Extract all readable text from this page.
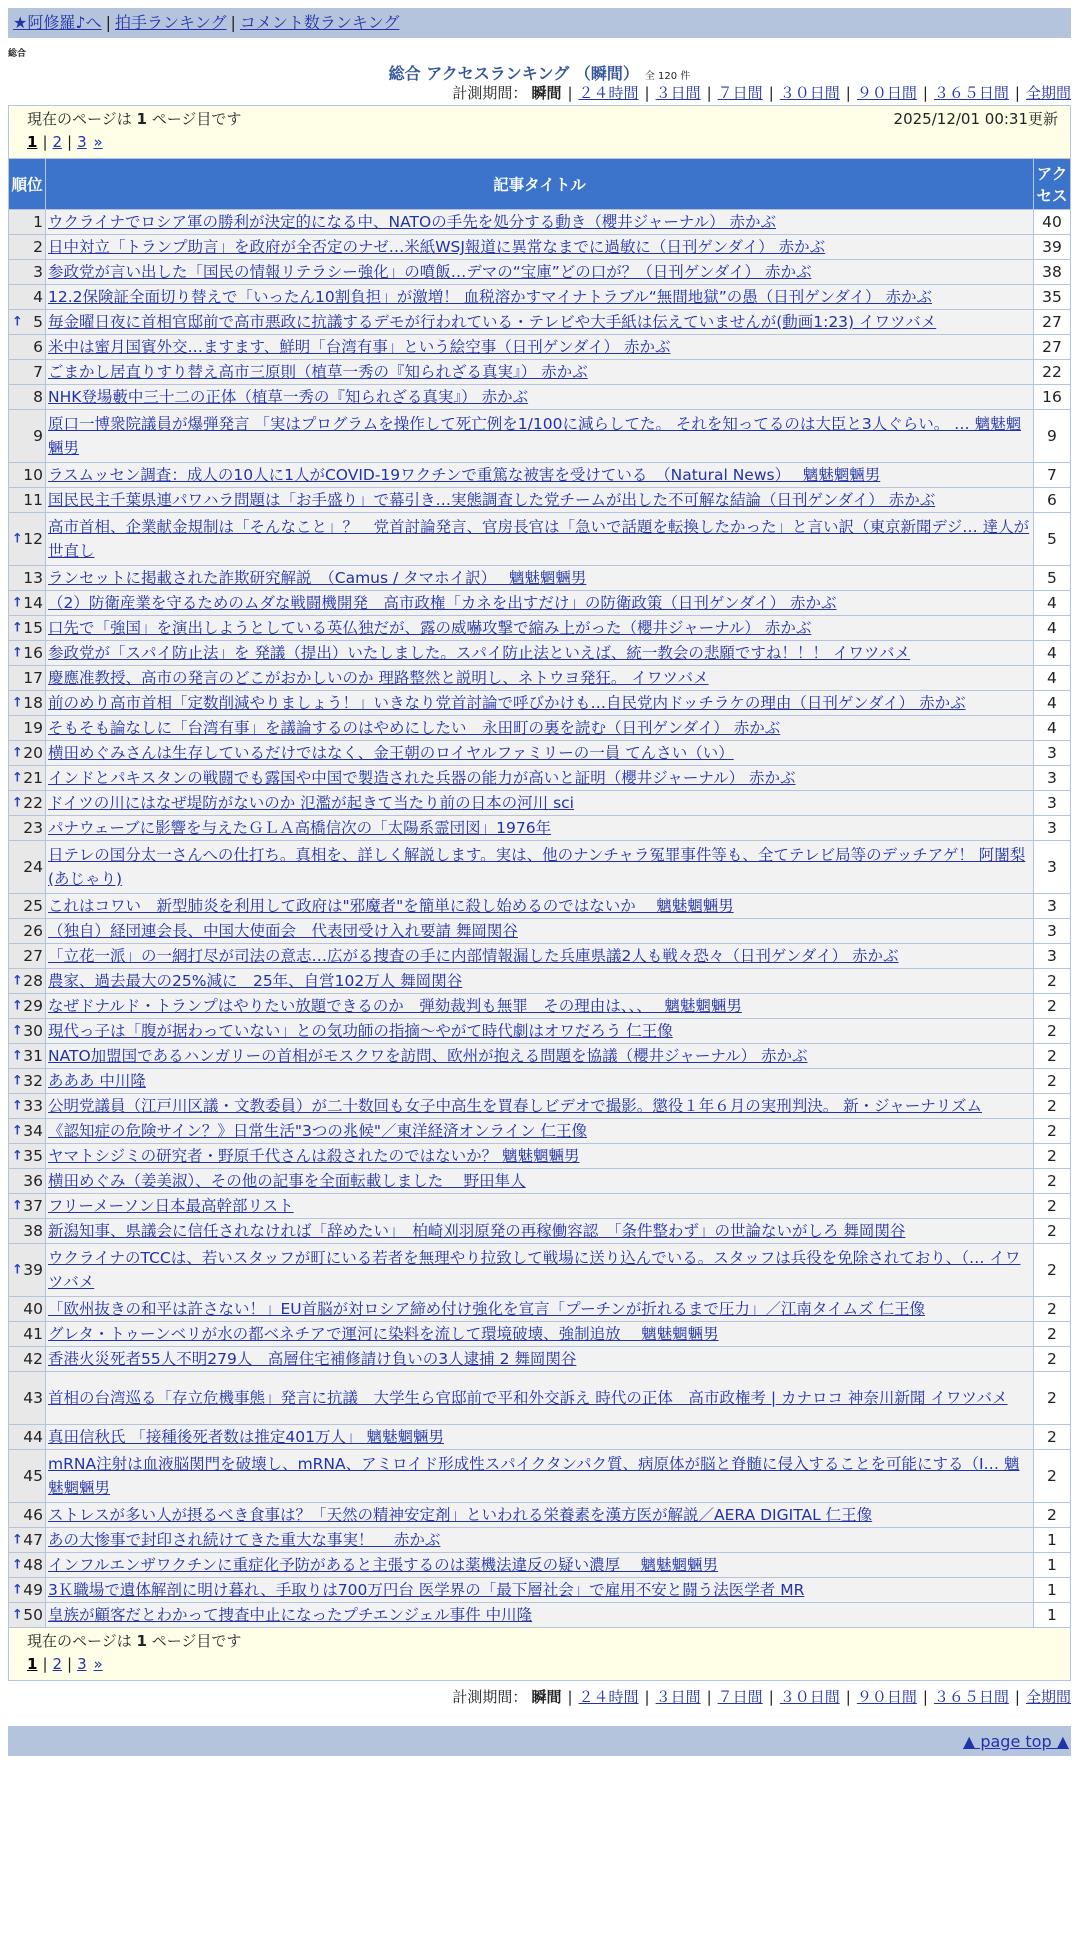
★阿修羅♪へ | 拍手ランキング | コメント数ランキング
総合
総合 アクセスランキング （瞬間） 全 120 件
計測期間： 瞬間 | ２４時間 | ３日間 | ７日間 | ３０日間 | ９０日間 | ３６５日間 | 全期間
現在のページは 1 ページ目です 2025/12/01 00:31更新
1 | 2 | 3 »		

順位	記事タイトル	アクセス
1	ウクライナでロシア軍の勝利が決定的になる中、NATOの手先を処分する動き（櫻井ジャーナル） 赤かぶ	40
2	日中対立「トランプ助言」を政府が全否定のナゼ…米紙WSJ報道に異常なまでに過敏に（日刊ゲンダイ） 赤かぶ	39
3	参政党が言い出した「国民の情報リテラシー強化」の噴飯…デマの“宝庫”どの口が？（日刊ゲンダイ） 赤かぶ	38
4	12.2保険証全面切り替えで「いったん10割負担」が激増！ 血税溶かすマイナトラブル“無間地獄”の愚（日刊ゲンダイ） 赤かぶ	35

↑ 5	毎金曜日夜に首相官邸前で高市悪政に抗議するデモが行われている・テレビや大手紙は伝えていませんが(動画1:23) イワツバメ	27
6	米中は蜜月国賓外交…ますます、鮮明「台湾有事」という絵空事（日刊ゲンダイ） 赤かぶ	27
7	ごまかし居直りすり替え高市三原則（植草一秀の『知られざる真実』） 赤かぶ	22
8	NHK登場藪中三十二の正体（植草一秀の『知られざる真実』） 赤かぶ	16
9	原口一博衆院議員が爆弾発言 「実はプログラムを操作して死亡例を1/100に減らしてた。 それを知ってるのは大臣と3人ぐらい。 … 魑魅魍魎男	9
10	ラスムッセン調査：成人の10人に1人がCOVID-19ワクチンで重篤な被害を受けている　（Natural News）　 魑魅魍魎男	7
11	国民民主千葉県連パワハラ問題は「お手盛り」で幕引き…実態調査した党チームが出した不可解な結論（日刊ゲンダイ） 赤かぶ	6

↑ 12	高市首相、企業献金規制は「そんなこと」？　党首討論発言、官房長官は「急いで話題を転換したかった」と言い訳（東京新聞デジ… 達人が世直し	5
13	ランセットに掲載された詐欺研究解説　（Camus / タマホイ訳）　 魑魅魍魎男	5

↑ 14	（2）防衛産業を守るためのムダな戦闘機開発　高市政権「カネを出すだけ」の防衛政策（日刊ゲンダイ） 赤かぶ	4

↑ 15	口先で「強国」を演出しようとしている英仏独だが、露の威嚇攻撃で縮み上がった（櫻井ジャーナル） 赤かぶ	4

↑ 16	参政党が「スパイ防止法」を 発議（提出）いたしました。スパイ防止法といえば、統一教会の悲願ですね！！！ イワツバメ	4
17	慶應准教授、高市の発言のどこがおかしいのか 理路整然と説明し、ネトウヨ発狂。 イワツバメ	4

↑ 18	前のめり高市首相「定数削減やりましょう！」いきなり党首討論で呼びかけも…自民党内ドッチラケの理由（日刊ゲンダイ） 赤かぶ	4
19	そもそも論なしに「台湾有事」を議論するのはやめにしたい　永田町の裏を読む（日刊ゲンダイ） 赤かぶ	4

↑ 20	横田めぐみさんは生存しているだけではなく、金王朝のロイヤルファミリーの一員 てんさい（い）	3

↑ 21	インドとパキスタンの戦闘でも露国や中国で製造された兵器の能力が高いと証明（櫻井ジャーナル） 赤かぶ	3

↑ 22	ドイツの川にはなぜ堤防がないのか 氾濫が起きて当たり前の日本の河川 sci	3
23	パナウェーブに影響を与えたＧＬＡ高橋信次の「太陽系霊団図」1976年	3
24	日テレの国分太一さんへの仕打ち。真相を、詳しく解説します。実は、他のナンチャラ冤罪事件等も、全てテレビ局等のデッチアゲ！ 阿闍梨(あじゃり)	3
25	これはコワい　新型肺炎を利用して政府は"邪魔者"を簡単に殺し始めるのではないか　 魑魅魍魎男	3
26	（独自）経団連会長、中国大使面会　代表団受け入れ要請 舞岡関谷	3
27	「立花一派」の一網打尽が司法の意志…広がる捜査の手に内部情報漏した兵庫県議2人も戦々恐々（日刊ゲンダイ） 赤かぶ	3

↑ 28	農家、過去最大の25%減に　25年、自営102万人 舞岡関谷	2

↑ 29	なぜドナルド・トランプはやりたい放題できるのか　弾劾裁判も無罪　その理由は、、、　 魑魅魍魎男	2

↑ 30	現代っ子は「腹が据わっていない」との気功師の指摘〜やがて時代劇はオワだろう 仁王像	2

↑ 31	NATO加盟国であるハンガリーの首相がモスクワを訪問、欧州が抱える問題を協議（櫻井ジャーナル） 赤かぶ	2

↑ 32	あああ 中川隆	2

↑ 33	公明党議員（江戸川区議・文教委員）が二十数回も女子中高生を買春しビデオで撮影。懲役１年６月の実刑判決。 新・ジャーナリズム	2

↑ 34	《認知症の危険サイン？》日常生活"3つの兆候"／東洋経済オンライン 仁王像	2

↑ 35	ヤマトシジミの研究者・野原千代さんは殺されたのではないか？ 魑魅魍魎男	2
36	横田めぐみ（姜美淑）、その他の記事を全面転載しました　 野田隼人	2

↑ 37	フリーメーソン日本最高幹部リスト	2
38	新潟知事、県議会に信任されなければ「辞めたい」　柏崎刈羽原発の再稼働容認　「条件整わず」の世論ないがしろ 舞岡関谷	2

↑ 39	ウクライナのTCCは、若いスタッフが町にいる若者を無理やり拉致して戦場に送り込んでいる。スタッフは兵役を免除されており、（… イワツバメ	2
40	「欧州抜きの和平は許さない！」EU首脳が対ロシア締め付け強化を宣言「プーチンが折れるまで圧力」／江南タイムズ 仁王像	2
41	グレタ・トゥーンベリが水の都ベネチアで運河に染料を流して環境破壊、強制追放　 魑魅魍魎男	2
42	香港火災死者55人不明279人　高層住宅補修請け負いの3人逮捕 2 舞岡関谷	2
43	首相の台湾巡る「存立危機事態」発言に抗議　大学生ら官邸前で平和外交訴え 時代の正体　高市政権考 | カナロコ 神奈川新聞 イワツバメ	2
44	真田信秋氏 「接種後死者数は推定401万人」 魑魅魍魎男	2
45	mRNA注射は血液脳関門を破壊し、mRNA、アミロイド形成性スパイクタンパク質、病原体が脳と脊髄に侵入することを可能にする（I… 魑魅魍魎男	2
46	ストレスが多い人が摂るべき食事は？「天然の精神安定剤」といわれる栄養素を漢方医が解説／AERA DIGITAL 仁王像	2

↑ 47	あの大惨事で封印され続けてきた重大な事実！　 赤かぶ	1

↑ 48	インフルエンザワクチンに重症化予防があると主張するのは薬機法違反の疑い濃厚　 魑魅魍魎男	1

↑ 49	3Ｋ職場で遺体解剖に明け暮れ、手取りは700万円台 医学界の「最下層社会」で雇用不安と闘う法医学者 MR	1

↑ 50	皇族が顧客だとわかって捜査中止になったプチエンジェル事件 中川隆	1

現在のページは 1 ページ目です
1 | 2 | 3 »		
計測期間： 瞬間 | ２４時間 | ３日間 | ７日間 | ３０日間 | ９０日間 | ３６５日間 | 全期間
▲ page top ▲
